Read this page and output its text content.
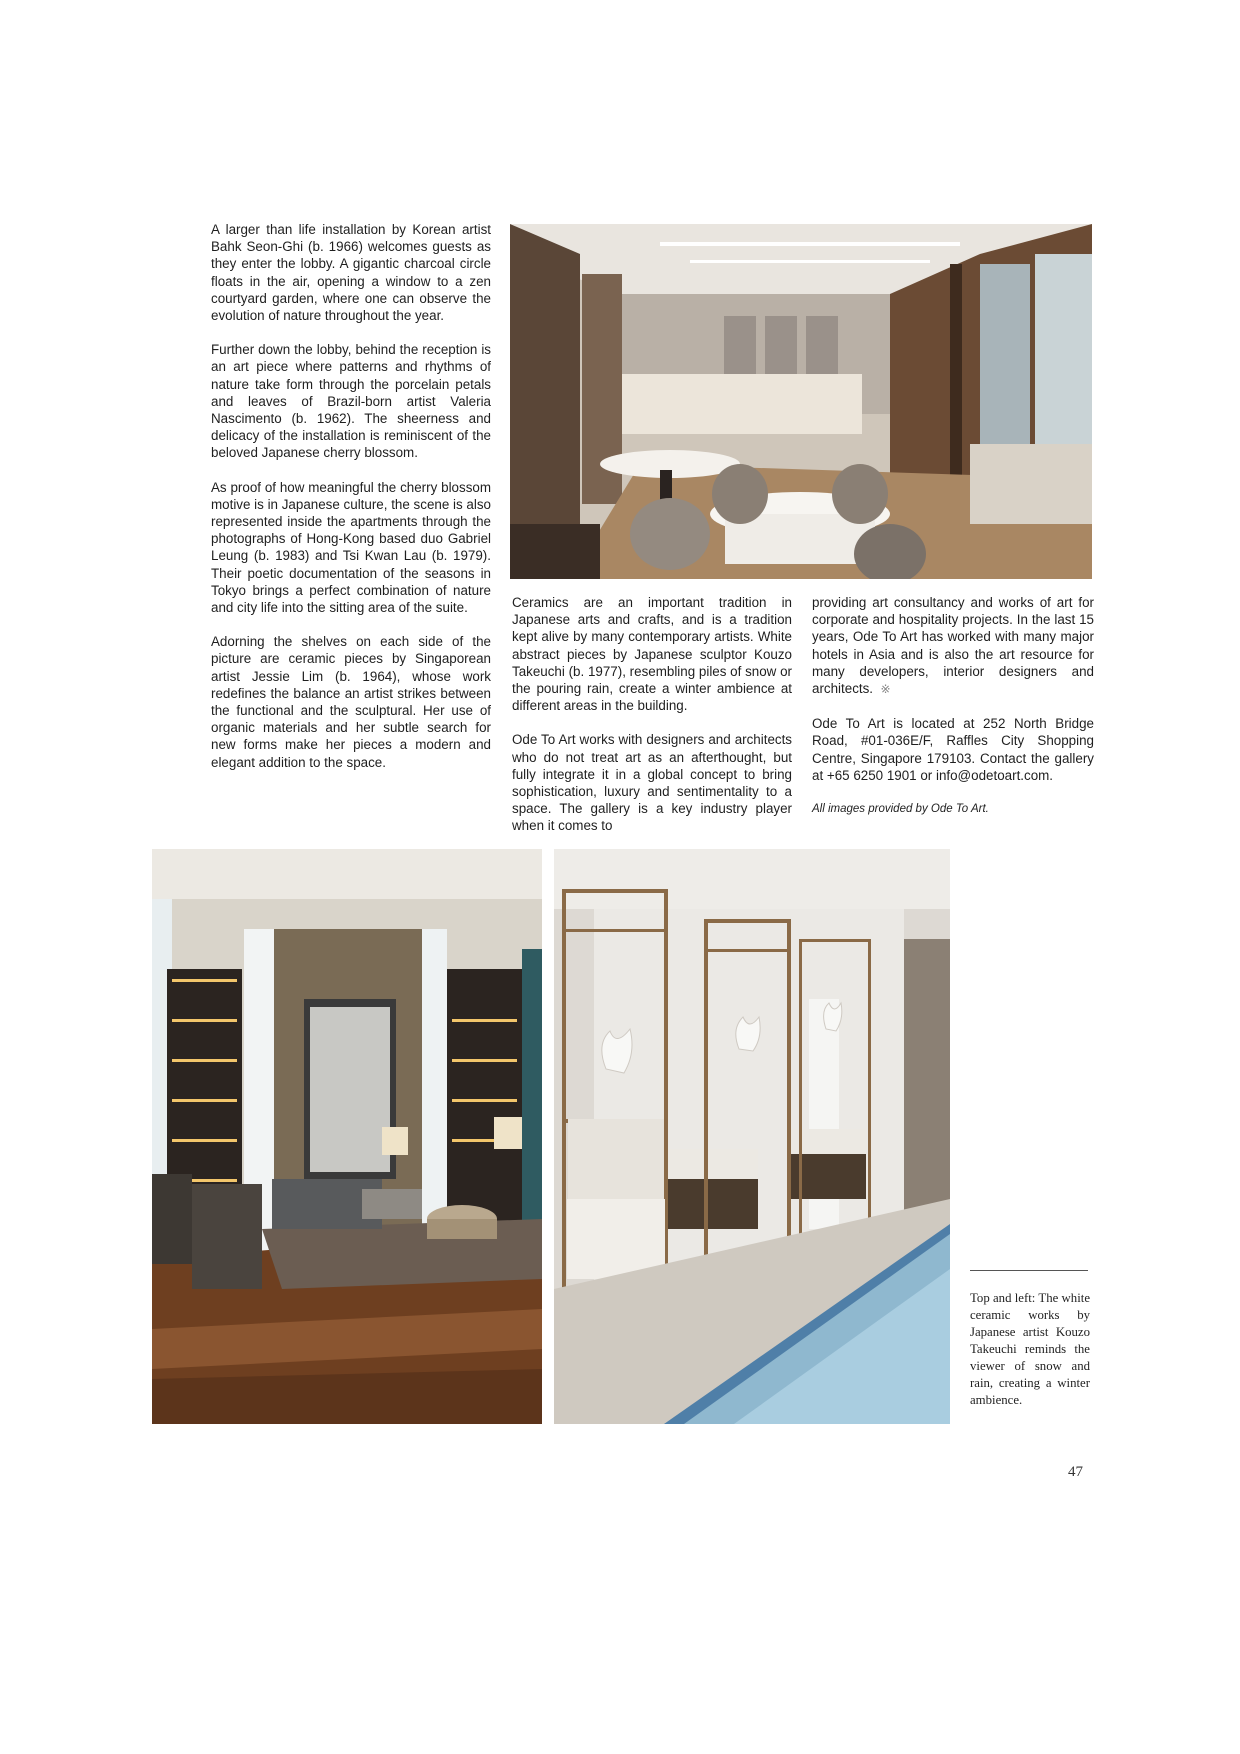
A larger than life installation by Korean artist Bahk Seon-Ghi (b. 1966) welcomes guests as they enter the lobby. A gigantic charcoal circle floats in the air, opening a window to a zen courtyard garden, where one can observe the evolution of nature throughout the year.

Further down the lobby, behind the reception is an art piece where patterns and rhythms of nature take form through the porcelain petals and leaves of Brazil-born artist Valeria Nascimento (b. 1962). The sheerness and delicacy of the installation is reminiscent of the beloved Japanese cherry blossom.

As proof of how meaningful the cherry blossom motive is in Japanese culture, the scene is also represented inside the apartments through the photographs of Hong-Kong based duo Gabriel Leung (b. 1983) and Tsi Kwan Lau (b. 1979). Their poetic documentation of the seasons in Tokyo brings a perfect combination of nature and city life into the sitting area of the suite.

Adorning the shelves on each side of the picture are ceramic pieces by Singaporean artist Jessie Lim (b. 1964), whose work redefines the balance an artist strikes between the functional and the sculptural. Her use of organic materials and her subtle search for new forms make her pieces a modern and elegant addition to the space.

Ceramics are an important tradition in Japanese arts and crafts, and is a tradition kept alive by many contemporary artists. White abstract pieces by Japanese sculptor Kouzo Takeuchi (b. 1977), resembling piles of snow or the pouring rain, create a winter ambience at different areas in the building.

Ode To Art works with designers and architects who do not treat art as an afterthought, but fully integrate it in a global concept to bring sophistication, luxury and sentimentality to a space. The gallery is a key industry player when it comes to

providing art consultancy and works of art for corporate and hospitality projects. In the last 15 years, Ode To Art has worked with many major hotels in Asia and is also the art resource for many developers, interior designers and architects. ※

Ode To Art is located at 252 North Bridge Road, #01-036E/F, Raffles City Shopping Centre, Singapore 179103. Contact the gallery at +65 6250 1901 or info@odetoart.com.

All images provided by Ode To Art.

Top and left: The white ceramic works by Japanese artist Kouzo Takeuchi reminds the viewer of snow and rain, creating a winter ambience.
47
